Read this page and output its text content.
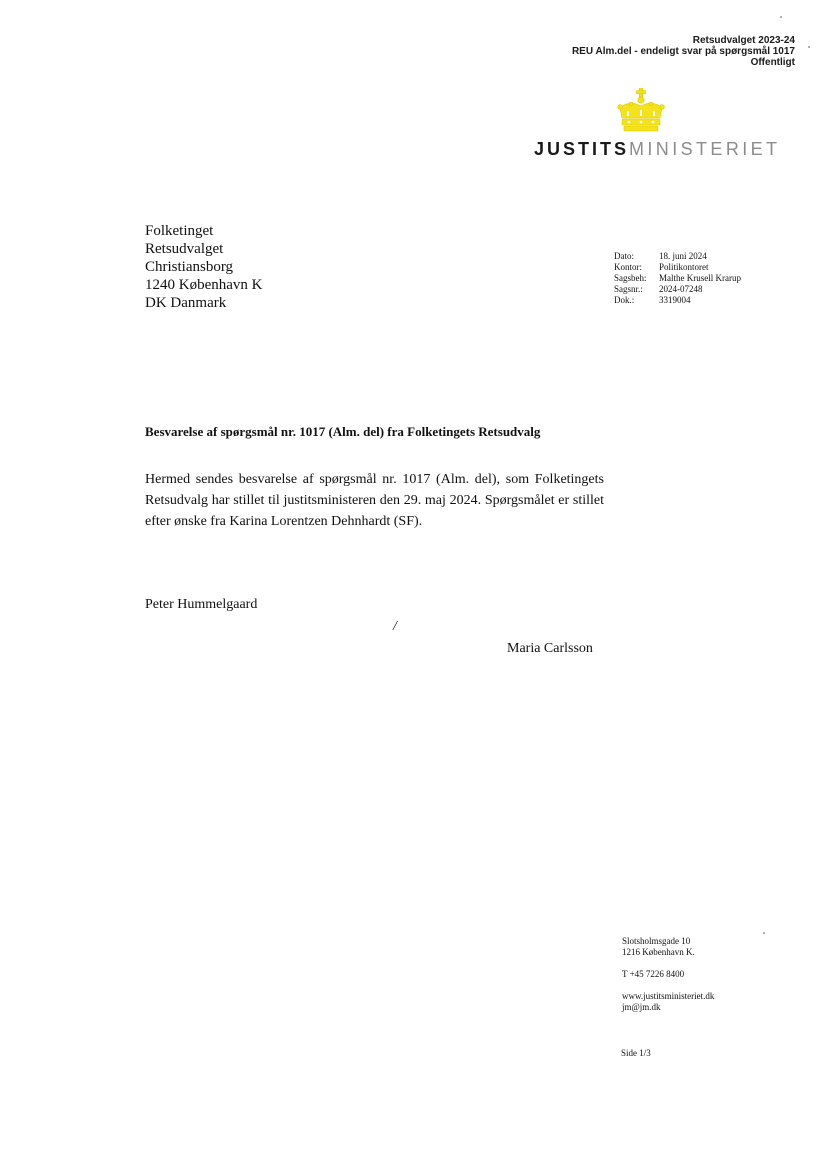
Retsudvalget 2023-24
REU Alm.del - endeligt svar på spørgsmål 1017
Offentligt
JUSTITSMINISTERIET
Folketinget
Retsudvalget
Christiansborg
1240 København K
DK Danmark
Dato:	18. juni 2024
Kontor:	Politikontoret
Sagsbeh:	Malthe Krusell Krarup
Sagsnr.:	2024-07248
Dok.:	3319004
Besvarelse af spørgsmål nr. 1017 (Alm. del) fra Folketingets Retsudvalg

Hermed sendes besvarelse af spørgsmål nr. 1017 (Alm. del), som Folketingets Retsudvalg har stillet til justitsministeren den 29. maj 2024. Spørgsmålet er stillet efter ønske fra Karina Lorentzen Dehnhardt (SF).

Peter Hummelgaard
/
Maria Carlsson
Slotsholmsgade 10
1216 København K.
T +45 7226 8400
www.justitsministeriet.dk
jm@jm.dk
Side 1/3
